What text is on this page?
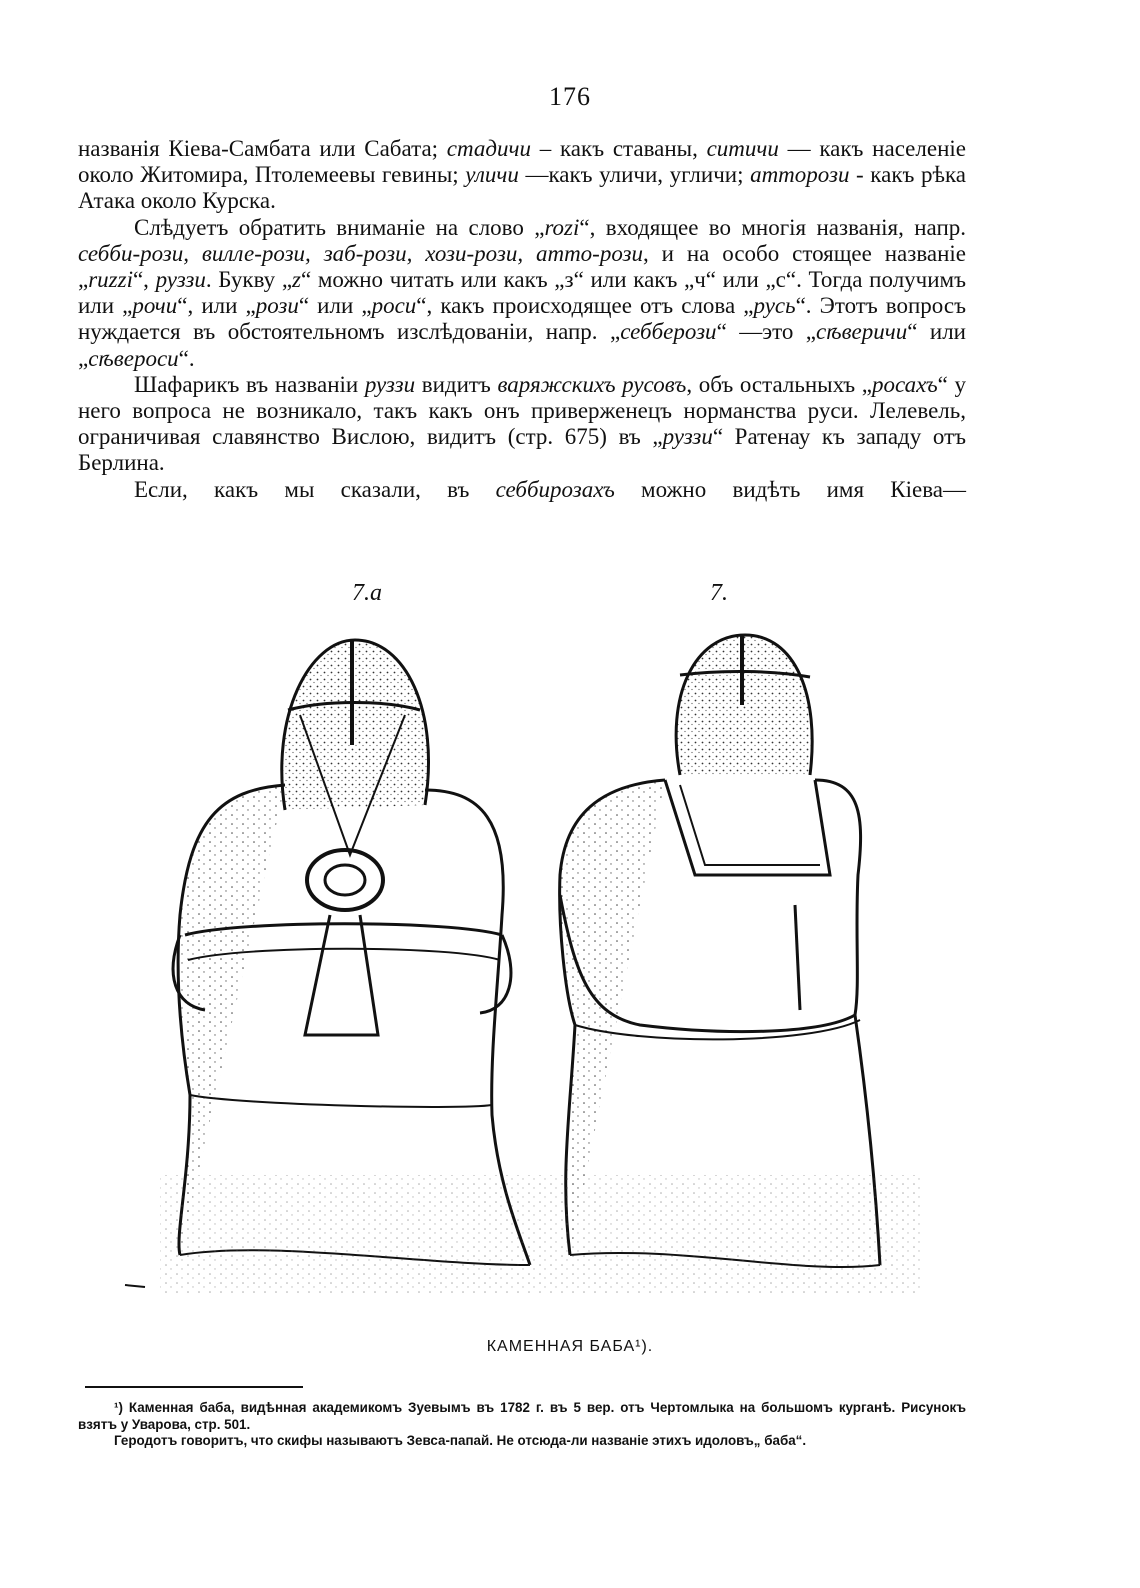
176

названія Кіева-Самбата или Сабата; стадичи – какъ ставаны, ситичи — какъ населеніе около Житомира, Птолемеевы гевины; уличи —какъ уличи, угличи; атторози - какъ рѣка Атака около Курска.

Слѣдуетъ обратить вниманіе на слово „rozi“, входящее во многія названія, напр. себби-рози, вилле-рози, заб-рози, хози-рози, атто-рози, и на особо стоящее названіе „ruzzi“, руззи. Букву „z“ можно читать или какъ „з“ или какъ „ч“ или „с“. Тогда получимъ или „рочи“, или „рози“ или „роси“, какъ происходящее отъ слова „русь“. Этотъ вопросъ нуждается въ обстоятельномъ изслѣдованіи, напр. „себберози“ —это „сѣверичи“ или „сѣвероси“.

Шафарикъ въ названіи руззи видитъ варяжскихъ русовъ, объ остальныхъ „росахъ“ у него вопроса не возникало, такъ какъ онъ приверженецъ норманства руси. Лелевель, ограничивая славянство Вислою, видитъ (стр. 675) въ „руззи“ Ратенау къ западу отъ Берлина.

Если, какъ мы сказали, въ себбирозахъ можно видѣть имя Кіева—

7.a	7.
КАМЕННАЯ БАБА¹).

¹) Каменная баба, видѣнная академикомъ Зуевымъ въ 1782 г. въ 5 вер. отъ Чертомлыка на большомъ курганѣ. Рисунокъ взятъ у Уварова, стр. 501.

Геродотъ говоритъ, что скифы называютъ Зевса-папай. Не отсюда-ли названіе этихъ идоловъ„ баба“.
